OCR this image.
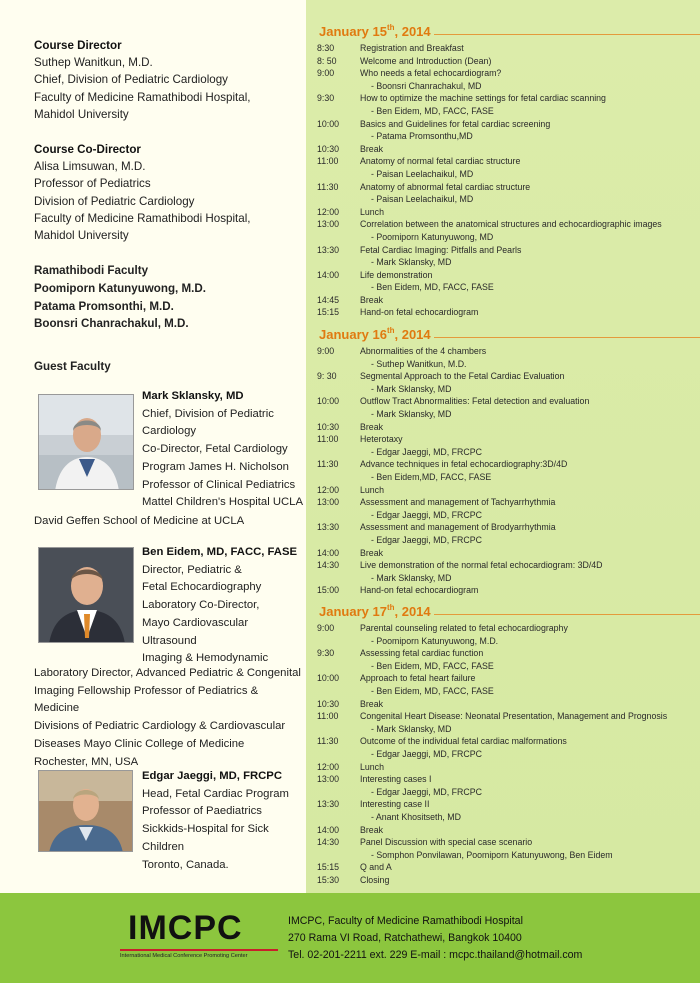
Course Director
Suthep Wanitkun, M.D.
Chief, Division of Pediatric Cardiology
Faculty of Medicine Ramathibodi Hospital,
Mahidol University
Course Co-Director
Alisa Limsuwan, M.D.
Professor of Pediatrics
Division of Pediatric Cardiology
Faculty of Medicine Ramathibodi Hospital,
Mahidol University
Ramathibodi Faculty
Poomiporn Katunyuwong, M.D.
Patama Promsonthi, M.D.
Boonsri Chanrachakul, M.D.
Guest Faculty
Mark Sklansky, MD
Chief, Division of Pediatric
Cardiology
Co-Director, Fetal Cardiology
Program James H. Nicholson
Professor of Clinical Pediatrics
Mattel Children's Hospital UCLA
David Geffen School of Medicine at UCLA
Ben Eidem, MD, FACC, FASE
Director, Pediatric &
Fetal Echocardiography
Laboratory Co-Director,
Mayo Cardiovascular
Ultrasound
Imaging & Hemodynamic
Laboratory Director, Advanced Pediatric & Congenital
Imaging Fellowship Professor of Pediatrics & Medicine
Divisions of Pediatric Cardiology & Cardiovascular
Diseases Mayo Clinic College of Medicine
Rochester, MN, USA
Edgar Jaeggi, MD, FRCPC
Head, Fetal Cardiac Program
Professor of Paediatrics
Sickkids-Hospital for Sick Children
Toronto, Canada.
January 15th, 2014
8:30	Registration and Breakfast
8: 50	Welcome and Introduction (Dean)
9:00	Who needs a fetal echocardiogram?
- Boonsri Chanrachakul, MD
9:30	How to optimize the machine settings for fetal cardiac scanning
- Ben Eidem, MD, FACC, FASE
10:00	Basics and Guidelines for fetal cardiac screening
- Patama Promsonthu,MD
10:30	Break
11:00	Anatomy of normal fetal cardiac structure
- Paisan Leelachaikul, MD
11:30	Anatomy of abnormal fetal cardiac structure
- Paisan Leelachaikul, MD
12:00	Lunch
13:00	Correlation between the anatomical structures and echocardiographic images
- Poomiporn Katunyuwong, MD
13:30	Fetal Cardiac Imaging: Pitfalls and Pearls
- Mark Sklansky, MD
14:00	Life demonstration
- Ben Eidem, MD, FACC, FASE
14:45	Break
15:15	Hand-on fetal echocardiogram
January 16th, 2014
9:00	Abnormalities of the 4 chambers
- Suthep Wanitkun, M.D.
9: 30	Segmental Approach to the Fetal Cardiac Evaluation
- Mark Sklansky, MD
10:00	Outflow Tract Abnormalities: Fetal detection and evaluation
- Mark Sklansky, MD
10:30	Break
11:00	Heterotaxy
- Edgar Jaeggi, MD, FRCPC
11:30	Advance techniques in fetal echocardiography:3D/4D
- Ben Eidem,MD, FACC, FASE
12:00	Lunch
13:00	Assessment and management of Tachyarrhythmia
- Edgar Jaeggi, MD, FRCPC
13:30	Assessment and management of Brodyarrhythmia
- Edgar Jaeggi, MD, FRCPC
14:00	Break
14:30	Live demonstration of the normal fetal echocardiogram: 3D/4D
- Mark Sklansky, MD
15:00	Hand-on fetal echocardiogram
January 17th, 2014
9:00	Parental counseling related to fetal echocardiography
- Poomiporn Katunyuwong, M.D.
9:30	Assessing fetal cardiac function
- Ben Eidem, MD, FACC, FASE
10:00	Approach to fetal heart failure
- Ben Eidem, MD, FACC, FASE
10:30	Break
11:00	Congenital Heart Disease: Neonatal Presentation, Management and Prognosis
- Mark Sklansky, MD
11:30	Outcome of the individual fetal cardiac malformations
- Edgar Jaeggi, MD, FRCPC
12:00	Lunch
13:00	Interesting cases I
- Edgar Jaeggi, MD, FRCPC
13:30	Interesting case II
- Anant Khositseth, MD
14:00	Break
14:30	Panel Discussion with special case scenario
- Somphon Ponvilawan, Poomiporn Katunyuwong, Ben Eidem
15:15	Q and A
15:30	Closing
IMCPC
International Medical Conference Promoting Center
IMCPC, Faculty of Medicine Ramathibodi Hospital
270 Rama VI Road, Ratchathewi, Bangkok 10400
Tel. 02-201-2211 ext. 229 E-mail : mcpc.thailand@hotmail.com
